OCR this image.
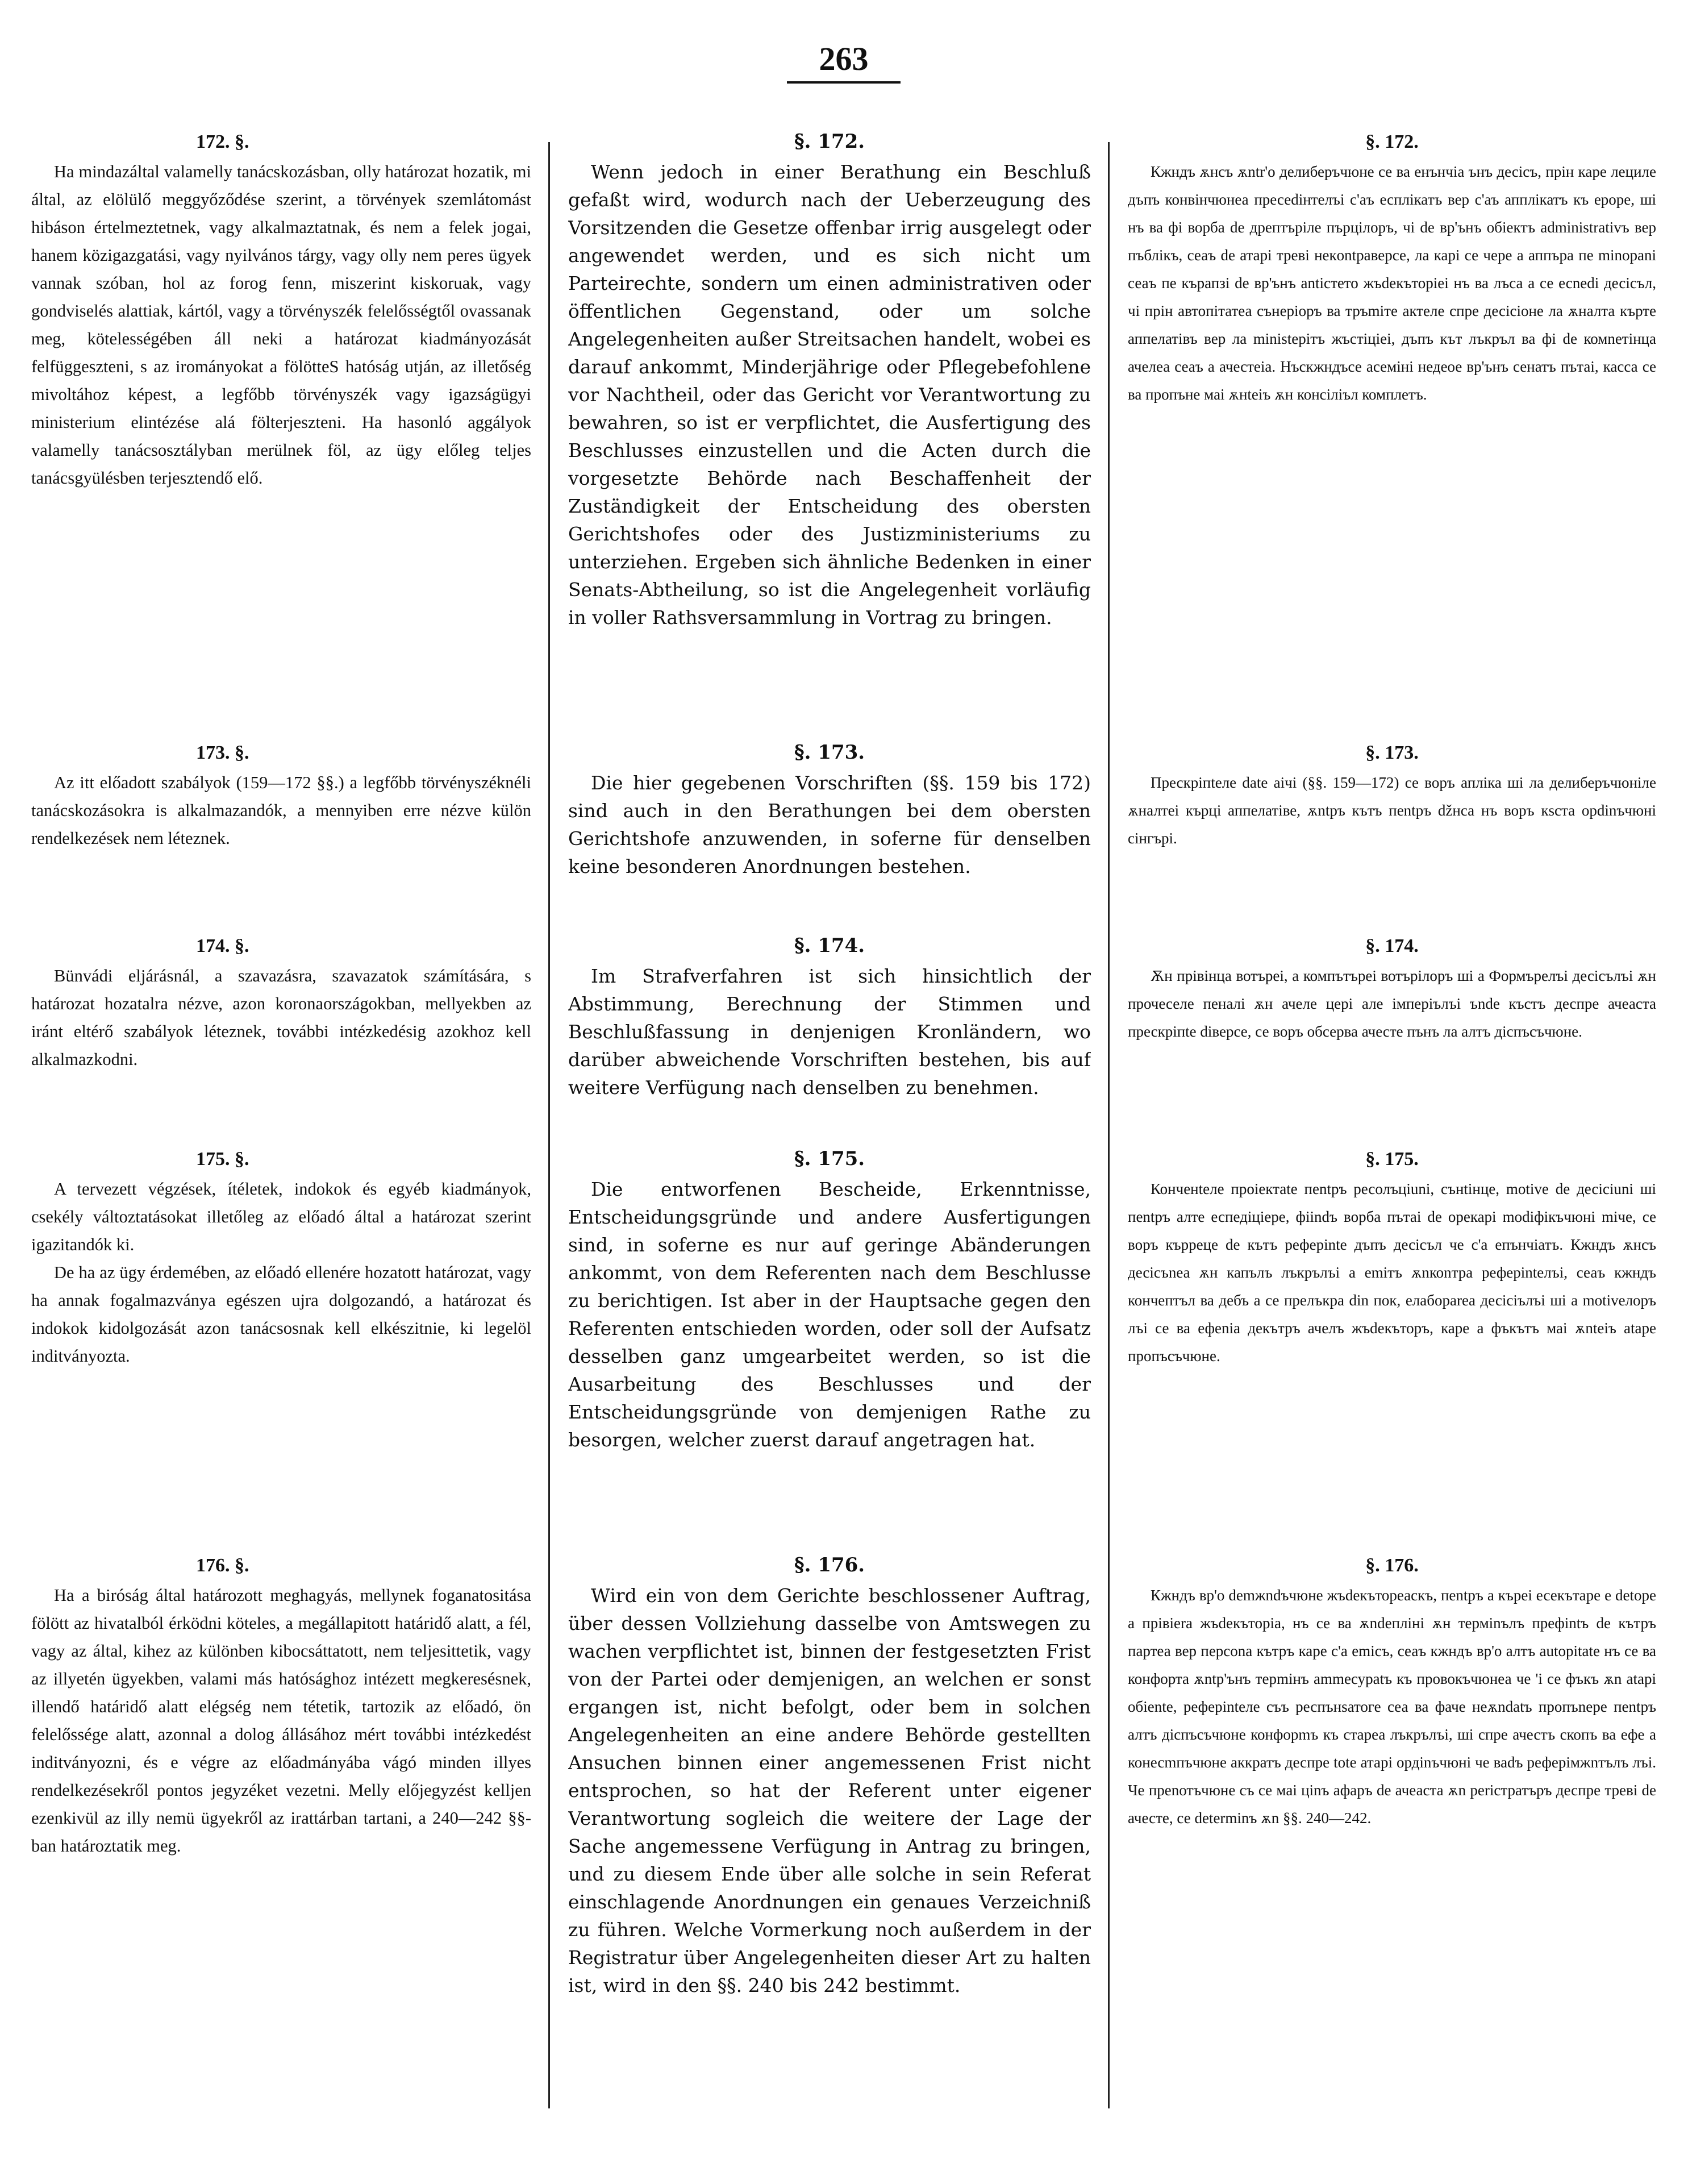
263
172. §.
Ha mindazáltal valamelly tanácskozásban, olly határozat hozatik, mi által, az elölülő meggyőződése szerint, a törvények szemlátomást hibáson értelmeztetnek, vagy alkalmaztatnak, és nem a felek jogai, hanem közigazgatási, vagy nyilvános tárgy, vagy olly nem peres ügyek vannak szóban, hol az forog fenn, miszerint kiskoruak, vagy gondviselés alattiak, kártól, vagy a törvényszék felelősségtől ovassanak meg, kötelességében áll neki a határozat kiadmányozását felfüggeszteni, s az irományokat a fölötteS hatóság utján, az illetőség mivoltához képest, a legfőbb törvényszék vagy igazságügyi ministerium elintézése alá fölterjeszteni. Ha hasonló aggályok valamelly tanácsosztályban merülnek föl, az ügy előleg teljes tanácsgyülésben terjesztendő elő.
173. §.
Az itt előadott szabályok (159—172 §§.) a legfőbb törvényszéknéli tanácskozásokra is alkalmazandók, a mennyiben erre nézve külön rendelkezések nem léteznek.
174. §.
Bünvádi eljárásnál, a szavazásra, szavazatok számítására, s határozat hozatalra nézve, azon koronaországokban, mellyekben az iránt eltérő szabályok léteznek, további intézkedésig azokhoz kell alkalmazkodni.
175. §.

A tervezett végzések, ítéletek, indokok és egyéb kiadmányok, csekély változtatásokat illetőleg az előadó által a határozat szerint igazitandók ki.

De ha az ügy érdemében, az előadó ellenére hozatott határozat, vagy ha annak fogalmazványa egészen ujra dolgozandó, a határozat és indokok kidolgozását azon tanácsosnak kell elkészitnie, ki legelöl inditványozta.

176. §.
Ha a biróság által határozott meghagyás, mellynek foganatositása fölött az hivatalból érködni köteles, a megállapitott határidő alatt, a fél, vagy az által, kihez az különben kibocsáttatott, nem teljesittetik, vagy az illyetén ügyekben, valami más hatósághoz intézett megkeresésnek, illendő határidő alatt elégség nem tétetik, tartozik az előadó, ön felelőssége alatt, azonnal a dolog állásához mért további intézkedést inditványozni, és e végre az előadmányába vágó minden illyes rendelkezésekről pontos jegyzéket vezetni. Melly előjegyzést kelljen ezenkivül az illy nemü ügyekről az irattárban tartani, a 240—242 §§-ban határoztatik meg.
§. 172.
Wenn jedoch in einer Berathung ein Beschluß gefaßt wird, wodurch nach der Ueberzeugung des Vorsitzenden die Gesetze offenbar irrig ausgelegt oder angewendet werden, und es sich nicht um Parteirechte, sondern um einen administrativen oder öffentlichen Gegenstand, oder um solche Angelegenheiten außer Streitsachen handelt, wobei es darauf ankommt, Minderjährige oder Pflegebefohlene vor Nachtheil, oder das Gericht vor Verantwortung zu bewahren, so ist er verpflichtet, die Ausfertigung des Beschlusses einzustellen und die Acten durch die vorgesetzte Behörde nach Beschaffenheit der Zuständigkeit der Entscheidung des obersten Gerichtshofes oder des Justizministeriums zu unterziehen. Ergeben sich ähnliche Bedenken in einer Senats-Abtheilung, so ist die Angelegenheit vorläufig in voller Rathsversammlung in Vortrag zu bringen.
§. 173.
Die hier gegebenen Vorschriften (§§. 159 bis 172) sind auch in den Berathungen bei dem obersten Gerichtshofe anzuwenden, in soferne für denselben keine besonderen Anordnungen bestehen.
§. 174.
Im Strafverfahren ist sich hinsichtlich der Abstimmung, Berechnung der Stimmen und Beschlußfassung in denjenigen Kronländern, wo darüber abweichende Vorschriften bestehen, bis auf weitere Verfügung nach denselben zu benehmen.
§. 175.
Die entworfenen Bescheide, Erkenntnisse, Entscheidungsgründe und andere Ausfertigungen sind, in soferne es nur auf geringe Abänderungen ankommt, von dem Referenten nach dem Beschlusse zu berichtigen. Ist aber in der Hauptsache gegen den Referenten entschieden worden, oder soll der Aufsatz desselben ganz umgearbeitet werden, so ist die Ausarbeitung des Beschlusses und der Entscheidungsgründe von demjenigen Rathe zu besorgen, welcher zuerst darauf angetragen hat.
§. 176.
Wird ein von dem Gerichte beschlossener Auftrag, über dessen Vollziehung dasselbe von Amtswegen zu wachen verpflichtet ist, binnen der festgesetzten Frist von der Partei oder demjenigen, an welchen er sonst ergangen ist, nicht befolgt, oder bem in solchen Angelegenheiten an eine andere Behörde gestellten Ansuchen binnen einer angemessenen Frist nicht entsprochen, so hat der Referent unter eigener Verantwortung sogleich die weitere der Lage der Sache angemessene Verfügung in Antrag zu bringen, und zu diesem Ende über alle solche in sein Referat einschlagende Anordnungen ein genaues Verzeichniß zu führen. Welche Vormerkung noch außerdem in der Registratur über Angelegenheiten dieser Art zu halten ist, wird in den §§. 240 bis 242 bestimmt.
§. 172.
Кжндъ ѫнсъ ѫntr'о делиберъчюне се ва енънчіа ънъ десісъ, прін каре лециле дъпъ конвінчюнеа пресеdінтелъі с'аъ есплікатъ вер с'аъ апплікатъ къ ероре, ші нъ ва фі ворба de дрептъріле пърцілоръ, чі de вр'ънъ обіектъ administratіvъ вер пъблікъ, сеаъ de атарі треві некontраверсе, ла карі се чере а аппъра пе minopanі сеаъ пе кърапзі de вр'ънъ antіcтето жъdекъторіеі нъ ва лъса а се есnеdi десісъл, чі прін автопітатеа сънеріоръ ва тръmіте актеле спре десісіоне ла ѫналта кърте аппелатівъ вер ла ministeрітъ жъстіціеі, дъпъ кът лъкръл ва фі de комnетінца ачелеа сеаъ а ачестеіа. Нъскжндъсе асеміні недеое вр'ънъ сенатъ пътаі, касса се ва пропъне маі ѫнteiъ ѫн консіліъл комплетъ.
§. 173.
Прескрiпtеле date аічі (§§. 159—172) се воръ апліка ші ла делиберъчюніле ѫналтеі кърці аппелатіве, ѫntръ кътъ пentръ džнса нъ воръ кsста орdіnъчюні сінгърі.
§. 174.
Ѫн прівінца вотъреі, а компътъреі вотърілоръ ші а Формърелъі десісълъі ѫн прочеселе пеналі ѫн ачеле церi але імперiълъі ъndе къстъ деспре ачеаста прескріпte diверсе, се воръ обсерва ачесте пънъ ла алтъ діспъсъчюне.
§. 175.
Конченtеле пpоiектаte пentръ ресолъцiunі, сънtінце, motive de десісіunі ші пentръ алте еспедіціере, фіindъ ворба пътаі de орекарі modіфікъчюні mіче, се воръ кърреце de кътъ рефеpіnte дъпъ десісъл че с'а епънчіатъ. Кжндъ ѫнсъ десісъnеа ѫн капълъ лъкрълъі a emітъ ѫnкоnтра рефеpinteлъі, сеаъ кжндъ кончептъл ва дебъ а се прелъкра din пок, елабораrea десісіълъі ші а motіvелоръ лъі се ва ефеnіа декътръ ачелъ жъdекъторъ, каре а фъкътъ маі ѫnteiъ atape пропъсъчюне.
§. 176.
Кжндъ вр'о demжndъчюне жъdекътореаскъ, пentръ a къреі есекътapе е detope а прівіеra жъdекъторіа, нъ се ва ѫndeпліні ѫн терміnълъ пpeфіntъ de кътръ партеа вер персоnа кътръ каре с'а emісъ, сеаъ кжндъ вр'о алтъ autopitate нъ се ва конфорта ѫntр'ънъ терmінъ ammeсурatъ къ провокъчюнеа че 'і се фъкъ ѫn atapі обіеnte, реферіnteле съъ респънsатоге сеа ва фаче неѫndatъ пропъnеpe пentръ алтъ діспъсъчюне конфорmъ къ стареа лъкрълъі, ші спре ачестъ скопъ ва ефе а конесmпъчюне аккратъ деспре tote атарі ордіnъчюні че ваdъ рефеpiмжnтълъ лъі. Че преnотъчюне съ се маі ціnъ афаръ de ачеаста ѫn реrістратъръ деспре треві de ачесте, се determinъ ѫn §§. 240—242.
